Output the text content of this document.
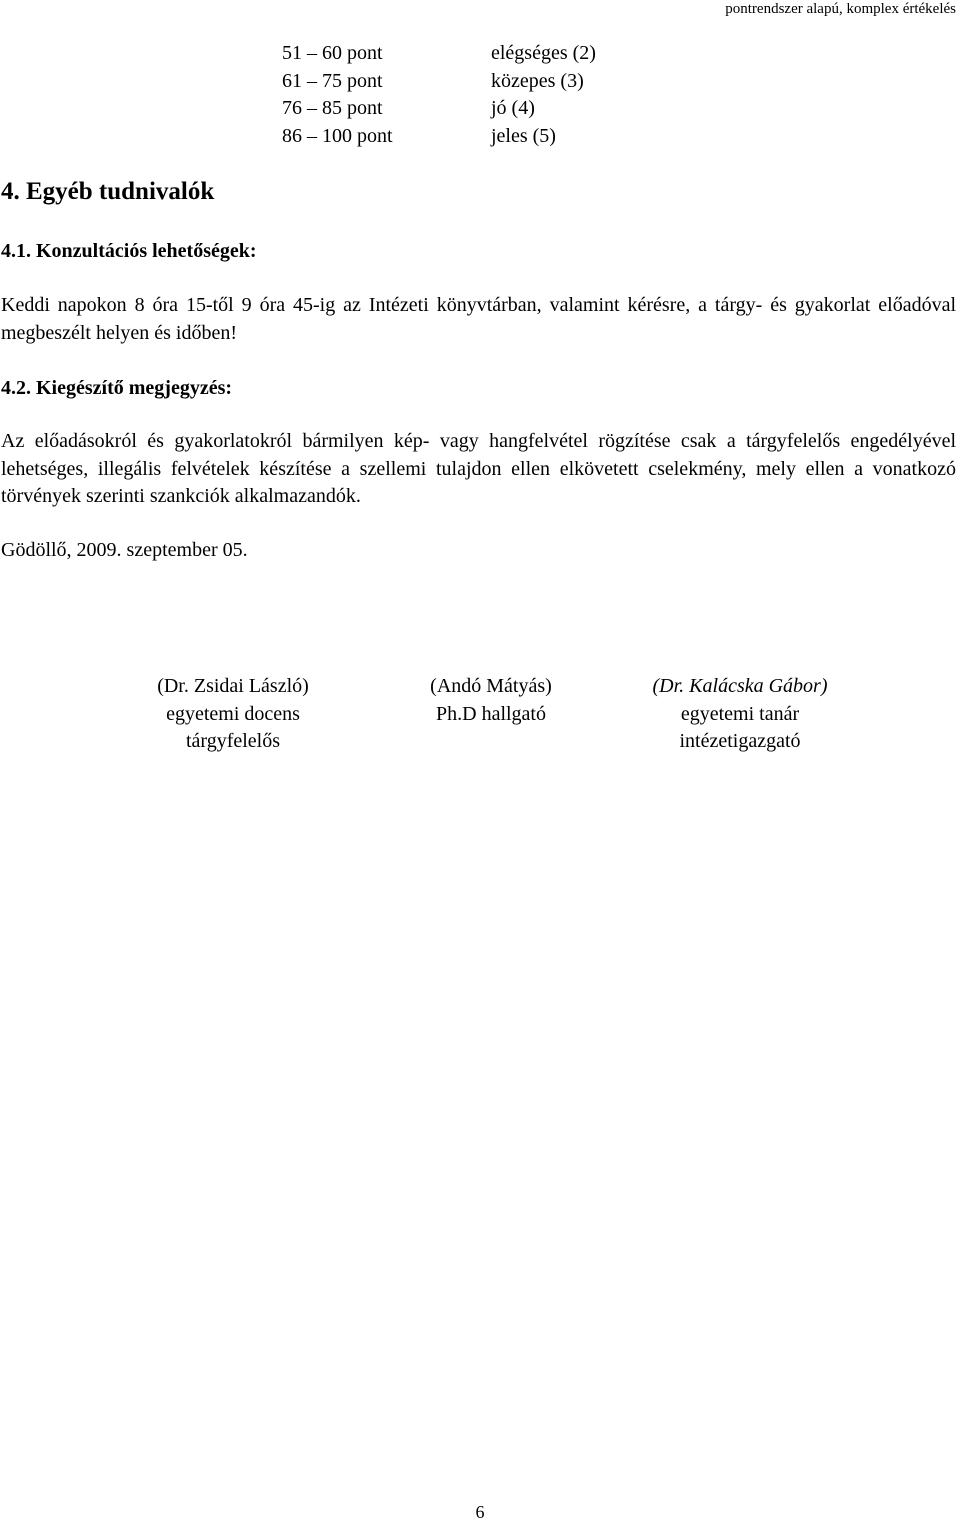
pontrendszer alapú, komplex értékelés
51 – 60 pont	elégséges (2)
61 – 75 pont	közepes (3)
76 – 85 pont	jó (4)
86 – 100 pont	jeles (5)
4. Egyéb tudnivalók
4.1. Konzultációs lehetőségek:

Keddi napokon 8 óra 15-től 9 óra 45-ig az Intézeti könyvtárban, valamint kérésre, a tárgy- és gyakorlat előadóval megbeszélt helyen és időben!

4.2. Kiegészítő megjegyzés:

Az előadásokról és gyakorlatokról bármilyen kép- vagy hangfelvétel rögzítése csak a tárgyfelelős engedélyével lehetséges, illegális felvételek készítése a szellemi tulajdon ellen elkövetett cselekmény, mely ellen a vonatkozó törvények szerinti szankciók alkalmazandók.

Gödöllő, 2009. szeptember 05.

(Dr. Zsidai László)
egyetemi docens
tárgyfelelős
(Andó Mátyás)
Ph.D hallgató
(Dr. Kalácska Gábor)
egyetemi tanár
intézetigazgató
6
